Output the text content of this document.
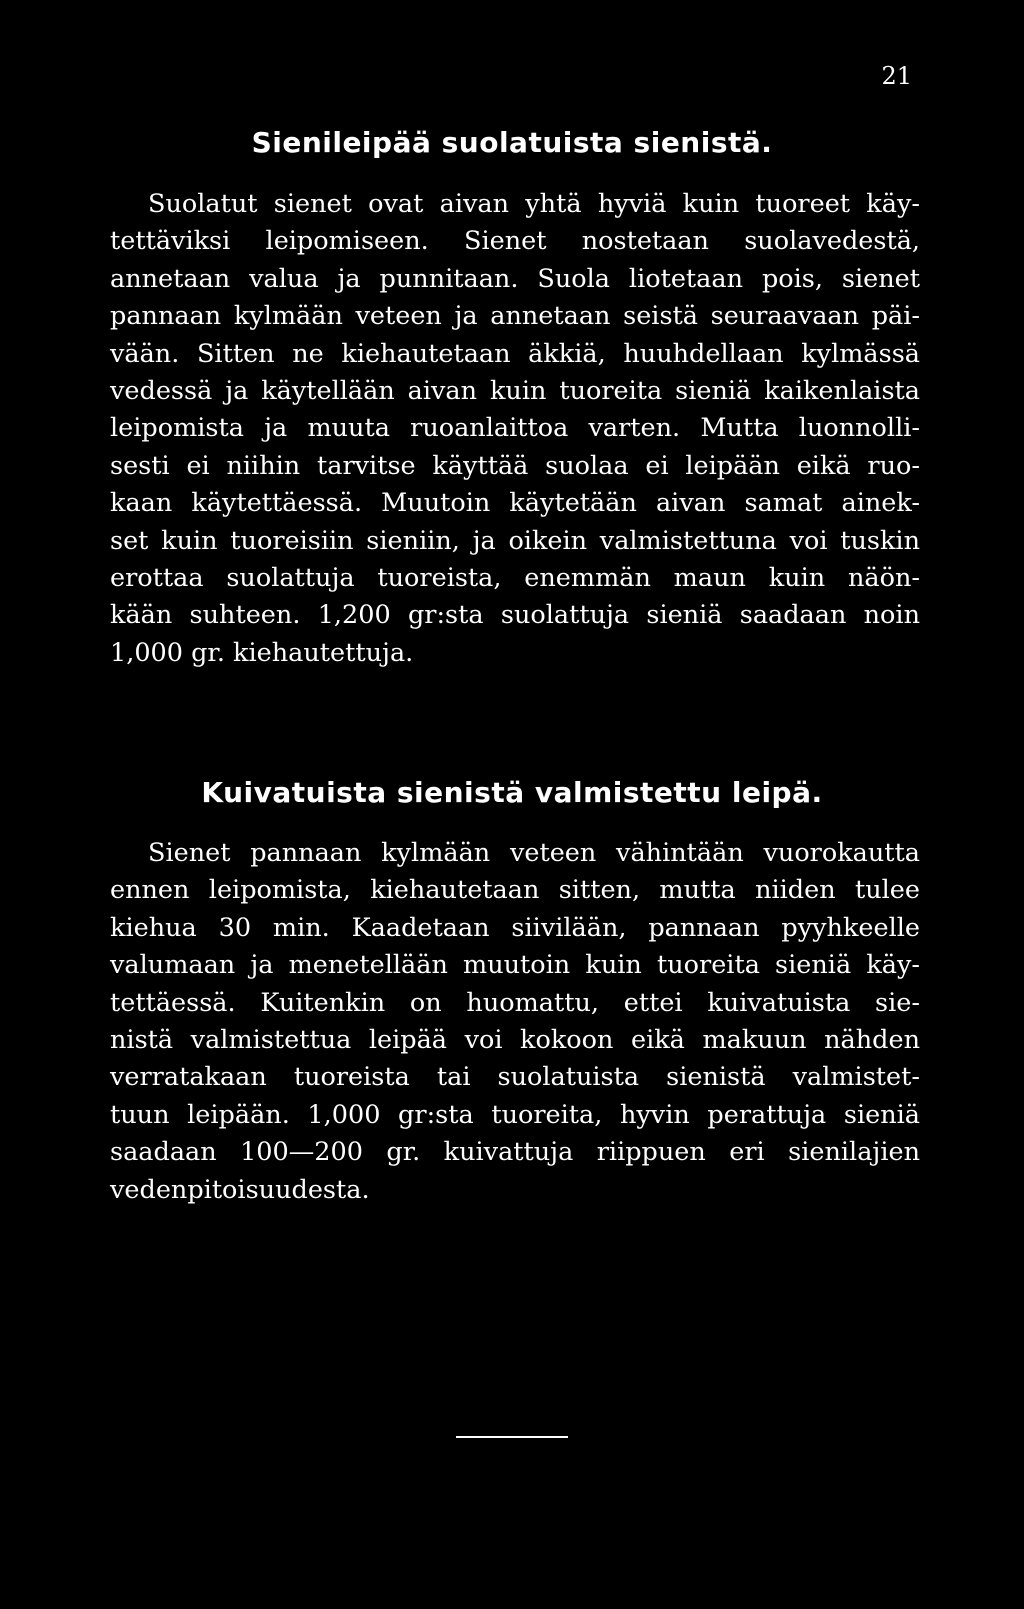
21
Sienileipää suolatuista sienistä.
Suolatut sienet ovat aivan yhtä hyviä kuin tuoreet käy-
tettäviksi leipomiseen. Sienet nostetaan suolavedestä,
annetaan valua ja punnitaan. Suola liotetaan pois, sienet
pannaan kylmään veteen ja annetaan seistä seuraavaan päi-
vään. Sitten ne kiehautetaan äkkiä, huuhdellaan kylmässä
vedessä ja käytellään aivan kuin tuoreita sieniä kaikenlaista
leipomista ja muuta ruoanlaittoa varten. Mutta luonnolli-
sesti ei niihin tarvitse käyttää suolaa ei leipään eikä ruo-
kaan käytettäessä. Muutoin käytetään aivan samat ainek-
set kuin tuoreisiin sieniin, ja oikein valmistettuna voi tuskin
erottaa suolattuja tuoreista, enemmän maun kuin näön-
kään suhteen. 1,200 gr:sta suolattuja sieniä saadaan noin
1,000 gr. kiehautettuja.
Kuivatuista sienistä valmistettu leipä.
Sienet pannaan kylmään veteen vähintään vuorokautta
ennen leipomista, kiehautetaan sitten, mutta niiden tulee
kiehua 30 min. Kaadetaan siivilään, pannaan pyyhkeelle
valumaan ja menetellään muutoin kuin tuoreita sieniä käy-
tettäessä. Kuitenkin on huomattu, ettei kuivatuista sie-
nistä valmistettua leipää voi kokoon eikä makuun nähden
verratakaan tuoreista tai suolatuista sienistä valmistet-
tuun leipään. 1,000 gr:sta tuoreita, hyvin perattuja sieniä
saadaan 100—200 gr. kuivattuja riippuen eri sienilajien
vedenpitoisuudesta.
